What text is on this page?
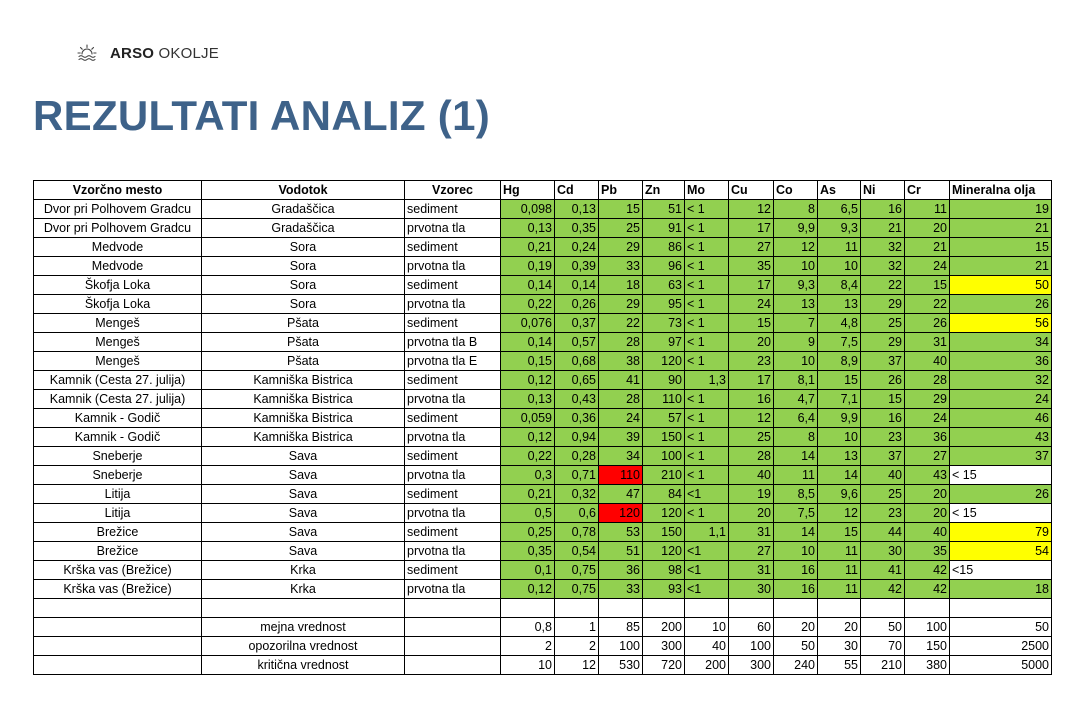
ARSO OKOLJE
REZULTATI ANALIZ (1)
Vzorčno mesto	Vodotok	Vzorec	Hg	Cd	Pb	Zn	Mo	Cu	Co	As	Ni	Cr	Mineralna olja
Dvor pri Polhovem Gradcu	Gradaščica	sediment	0,098	0,13	15	51	< 1	12	8	6,5	16	11	19
Dvor pri Polhovem Gradcu	Gradaščica	prvotna tla	0,13	0,35	25	91	< 1	17	9,9	9,3	21	20	21
Medvode	Sora	sediment	0,21	0,24	29	86	< 1	27	12	11	32	21	15
Medvode	Sora	prvotna tla	0,19	0,39	33	96	< 1	35	10	10	32	24	21
Škofja Loka	Sora	sediment	0,14	0,14	18	63	< 1	17	9,3	8,4	22	15	50
Škofja Loka	Sora	prvotna tla	0,22	0,26	29	95	< 1	24	13	13	29	22	26
Mengeš	Pšata	sediment	0,076	0,37	22	73	< 1	15	7	4,8	25	26	56
Mengeš	Pšata	prvotna tla B	0,14	0,57	28	97	< 1	20	9	7,5	29	31	34
Mengeš	Pšata	prvotna tla E	0,15	0,68	38	120	< 1	23	10	8,9	37	40	36
Kamnik (Cesta 27. julija)	Kamniška Bistrica	sediment	0,12	0,65	41	90	1,3	17	8,1	15	26	28	32
Kamnik (Cesta 27. julija)	Kamniška Bistrica	prvotna tla	0,13	0,43	28	110	< 1	16	4,7	7,1	15	29	24
Kamnik - Godič	Kamniška Bistrica	sediment	0,059	0,36	24	57	< 1	12	6,4	9,9	16	24	46
Kamnik - Godič	Kamniška Bistrica	prvotna tla	0,12	0,94	39	150	< 1	25	8	10	23	36	43
Sneberje	Sava	sediment	0,22	0,28	34	100	< 1	28	14	13	37	27	37
Sneberje	Sava	prvotna tla	0,3	0,71	110	210	< 1	40	11	14	40	43	< 15
Litija	Sava	sediment	0,21	0,32	47	84	<1	19	8,5	9,6	25	20	26
Litija	Sava	prvotna tla	0,5	0,6	120	120	< 1	20	7,5	12	23	20	< 15
Brežice	Sava	sediment	0,25	0,78	53	150	1,1	31	14	15	44	40	79
Brežice	Sava	prvotna tla	0,35	0,54	51	120	<1	27	10	11	30	35	54
Krška vas (Brežice)	Krka	sediment	0,1	0,75	36	98	<1	31	16	11	41	42	<15
Krška vas (Brežice)	Krka	prvotna tla	0,12	0,75	33	93	<1	30	16	11	42	42	18

	mejna vrednost		0,8	1	85	200	10	60	20	20	50	100	50
	opozorilna vrednost		2	2	100	300	40	100	50	30	70	150	2500
	kritična vrednost		10	12	530	720	200	300	240	55	210	380	5000
